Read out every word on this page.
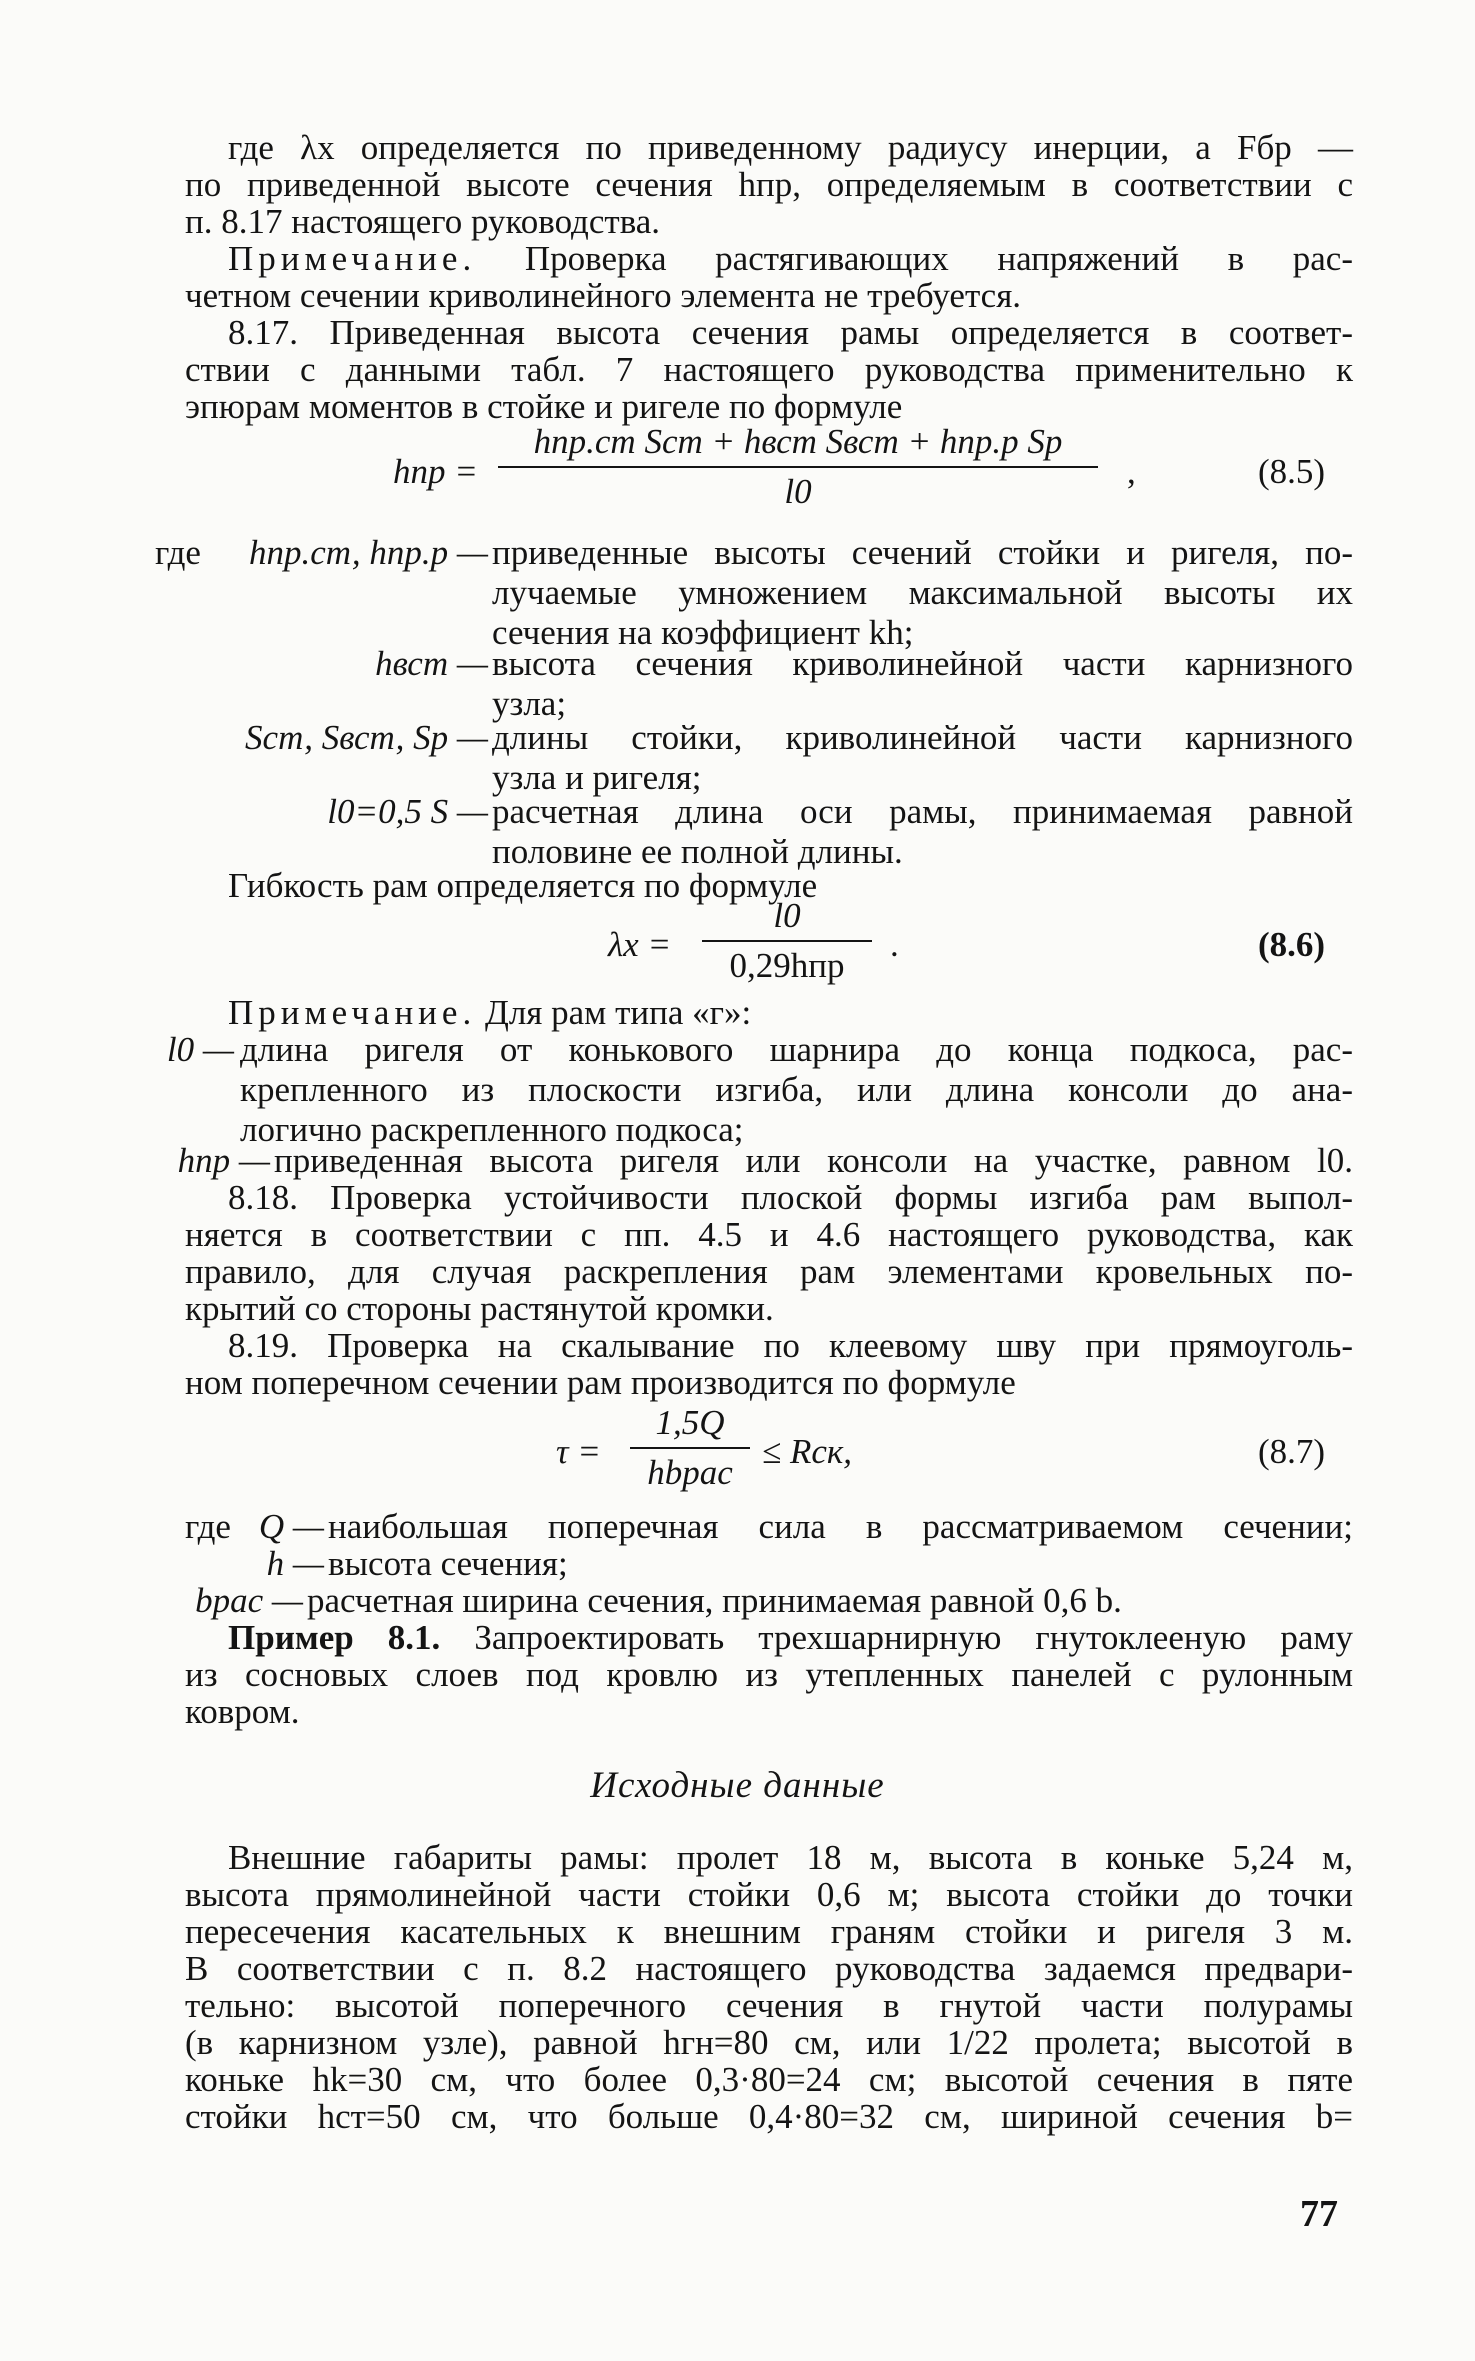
где λx определяется по приведенному радиусу инерции, а Fбр —
по приведенной высоте сечения hпр, определяемым в соответствии с
п. 8.17 настоящего руководства.
Примечание. Проверка растягивающих напряжений в рас-
четном сечении криволинейного элемента не требуется.
8.17. Приведенная высота сечения рамы определяется в соответ-
ствии с данными табл. 7 настоящего руководства применительно к
эпюрам моментов в стойке и ригеле по формуле
hпр =
hпр.ст Sст + hвст Sвст + hпр.р Sр
l0
,	(8.5)
где hпр.ст, hпр.р — приведенные высоты сечений стойки и ригеля, по-
лучаемые умножением максимальной высоты их
сечения на коэффициент kh;
hвст — высота сечения криволинейной части карнизного
узла;
Sст, Sвст, Sр — длины стойки, криволинейной части карнизного
узла и ригеля;
l0=0,5 S — расчетная длина оси рамы, принимаемая равной
половине ее полной длины.
Гибкость рам определяется по формуле
λx =
l0
0,29hпр
.	(8.6)
Примечание. Для рам типа «г»:
l0 — длина ригеля от конькового шарнира до конца подкоса, рас-
крепленного из плоскости изгиба, или длина консоли до ана-
логично раскрепленного подкоса;
hпр — приведенная высота ригеля или консоли на участке, равном l0.
8.18. Проверка устойчивости плоской формы изгиба рам выпол-
няется в соответствии с пп. 4.5 и 4.6 настоящего руководства, как
правило, для случая раскрепления рам элементами кровельных по-
крытий со стороны растянутой кромки.
8.19. Проверка на скалывание по клеевому шву при прямоуголь-
ном поперечном сечении рам производится по формуле
τ =
1,5Q
hbрас
≤ Rск,	(8.7)
где Q — наибольшая поперечная сила в рассматриваемом сечении;
h — высота сечения;
bрас — расчетная ширина сечения, принимаемая равной 0,6 b.
Пример 8.1. Запроектировать трехшарнирную гнутоклееную раму
из сосновых слоев под кровлю из утепленных панелей с рулонным
ковром.
Исходные данные
Внешние габариты рамы: пролет 18 м, высота в коньке 5,24 м,
высота прямолинейной части стойки 0,6 м; высота стойки до точки
пересечения касательных к внешним граням стойки и ригеля 3 м.
В соответствии с п. 8.2 настоящего руководства задаемся предвари-
тельно: высотой поперечного сечения в гнутой части полурамы
(в карнизном узле), равной hгн=80 см, или 1/22 пролета; высотой в
коньке hk=30 см, что более 0,3·80=24 см; высотой сечения в пяте
стойки hст=50 см, что больше 0,4·80=32 см, шириной сечения b=
77
